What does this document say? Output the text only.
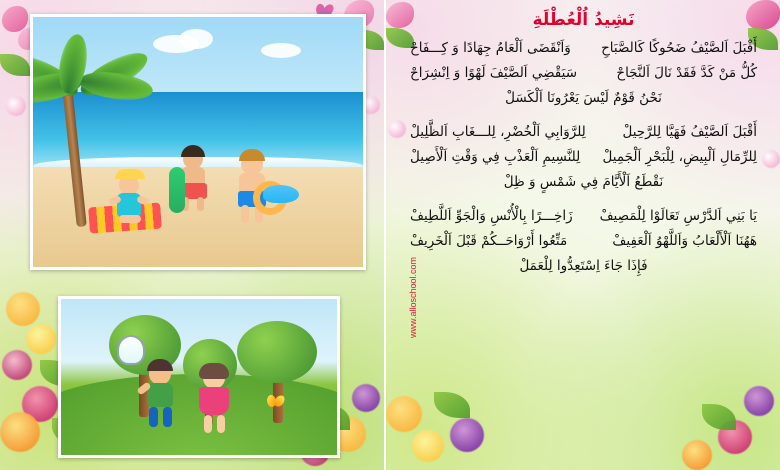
نَشِيدُ اُلْعُطْلَةِ
أَقْبَلَ اَلصَّيْفُ ضَحُوكًا كَالصَّبَاحِ
وَاَنْقَضَى اَلْعَامُ جِهَادًا وَ كِـــفَاحْ
كُلُّ مَنْ كَدَّ فَقَدْ نَالَ اَلنَّجَاحْ
سَيَقْضِي اَلصَّيْفَ لَهْوًا وَ اِنْشِرَاحْ
نَحْنُ قَوْمٌ لَيْسَ يَعْرُونَا اَلْكَسَلْ
أَقْبَلَ اَلصَّيْفُ فَهَيَّا لِلرَّحِيلْ
لِلرَّوَابِي اَلْخُضْرِ، لِلـــغَابِ اَلظَّلِيلْ
لِلرِّمَالِ اَلْبِيضِ، لِلْبَحْرِ اَلْجَمِيلْ
لِلنَّسِيمِ اَلْعَذْبِ فِي وَقْتِ اَلْأَصِيلْ
نَقْطَعُ اَلْأَيَّامَ فِي شَمْسٍ وَ ظِلْ
يَا بَنِي اَلدَّرْسِ تَعَالَوْا لِلْمَصِيفْ
زَاخِـــرًا بِالْأُنْسِ وَالْجَوِّ اَللَّطِيفْ
هَهُنَا اَلْأَلْعَابُ وَاَللَّهْوُ اَلْعَفِيفْ
مَتِّعُوا أَرْوَاحَــكُمْ قَبْلَ اَلْخَرِيفْ
فَإِذَا جَاءَ اِسْتَعِدُّوا لِلْعَمَلْ
www.alloschool.com
